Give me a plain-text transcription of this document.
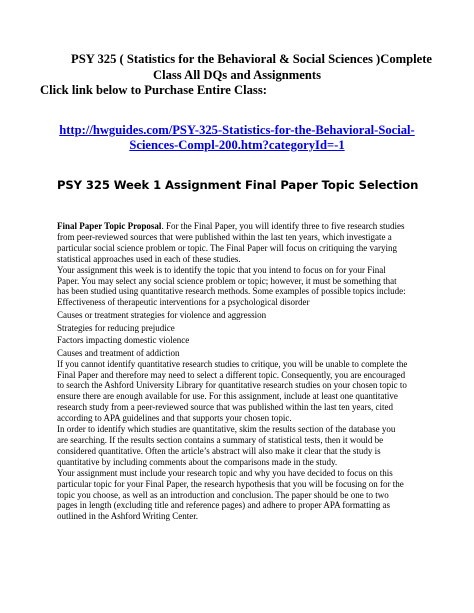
PSY 325 ( Statistics for the Behavioral & Social Sciences )Complete
Class All DQs and Assignments
Click link below to Purchase Entire Class:
http://hwguides.com/PSY-325-Statistics-for-the-Behavioral-Social-
Sciences-Compl-200.htm?categoryId=-1
PSY 325 Week 1 Assignment Final Paper Topic Selection
Final Paper Topic Proposal. For the Final Paper, you will identify three to five research studies
from peer-reviewed sources that were published within the last ten years, which investigate a
particular social science problem or topic. The Final Paper will focus on critiquing the varying
statistical approaches used in each of these studies.
Your assignment this week is to identify the topic that you intend to focus on for your Final
Paper. You may select any social science problem or topic; however, it must be something that
has been studied using quantitative research methods. Some examples of possible topics include:
Effectiveness of therapeutic interventions for a psychological disorder
Causes or treatment strategies for violence and aggression
Strategies for reducing prejudice
Factors impacting domestic violence
Causes and treatment of addiction
If you cannot identify quantitative research studies to critique, you will be unable to complete the
Final Paper and therefore may need to select a different topic. Consequently, you are encouraged
to search the Ashford University Library for quantitative research studies on your chosen topic to
ensure there are enough available for use. For this assignment, include at least one quantitative
research study from a peer-reviewed source that was published within the last ten years, cited
according to APA guidelines and that supports your chosen topic.
In order to identify which studies are quantitative, skim the results section of the database you
are searching. If the results section contains a summary of statistical tests, then it would be
considered quantitative. Often the article’s abstract will also make it clear that the study is
quantitative by including comments about the comparisons made in the study.
Your assignment must include your research topic and why you have decided to focus on this
particular topic for your Final Paper, the research hypothesis that you will be focusing on for the
topic you choose, as well as an introduction and conclusion. The paper should be one to two
pages in length (excluding title and reference pages) and adhere to proper APA formatting as
outlined in the Ashford Writing Center.
